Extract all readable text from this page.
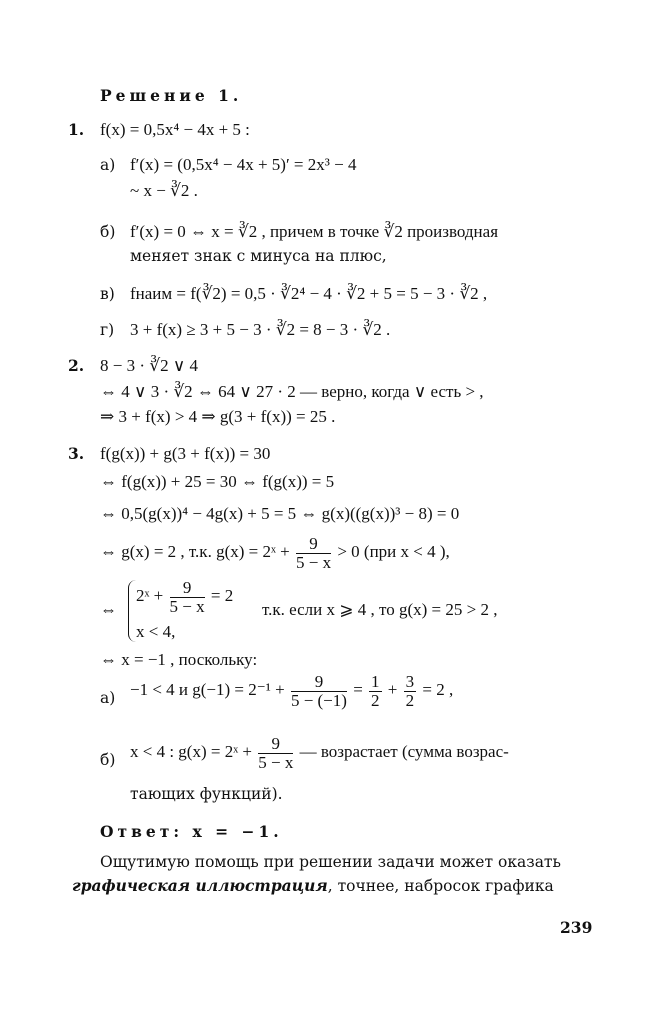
Решение 1.
1. f(x) = 0,5x⁴ − 4x + 5 :
а) f′(x) = (0,5x⁴ − 4x + 5)′ = 2x³ − 4
~ x − ∛2 .
б) f′(x) = 0 ⇔ x = ∛2 , причем в точке ∛2 производная
меняет знак с минуса на плюс,
в) fнаим = f(∛2) = 0,5 · ∛2⁴ − 4 · ∛2 + 5 = 5 − 3 · ∛2 ,
г) 3 + f(x) ≥ 3 + 5 − 3 · ∛2 = 8 − 3 · ∛2 .
2. 8 − 3 · ∛2 ∨ 4
⇔ 4 ∨ 3 · ∛2 ⇔ 64 ∨ 27 · 2 — верно, когда ∨ есть > ,
⇒ 3 + f(x) > 4 ⇒ g(3 + f(x)) = 25 .
3. f(g(x)) + g(3 + f(x)) = 30
⇔ f(g(x)) + 25 = 30 ⇔ f(g(x)) = 5
⇔ 0,5(g(x))⁴ − 4g(x) + 5 = 5 ⇔ g(x)((g(x))³ − 8) = 0
⇔ g(x) = 2 , т.к. g(x) = 2ˣ + $\frac{9}{5 - x} > 0$ (при x < 4 ),
⇔
2ˣ + $\frac{9}{5 - x} = 2$
т.к. если x ⩾ 4 , то g(x) = 25 > 2 ,
x < 4,
⇔ x = −1 , поскольку:
а) −1 < 4 и $g(-1) = 2^{-1} + \frac{9}{5 - (-1)} = \frac{1}{2} + \frac{3}{2} = 2$ ,
б) x < 4 : g(x) = 2ˣ + $\frac{9}{5 - x}$ — возрастает (сумма возрас-
тающих функций).
Ответ: x = −1.
Ощутимую помощь при решении задачи может оказать
графическая иллюстрация, точнее, набросок графика
239
